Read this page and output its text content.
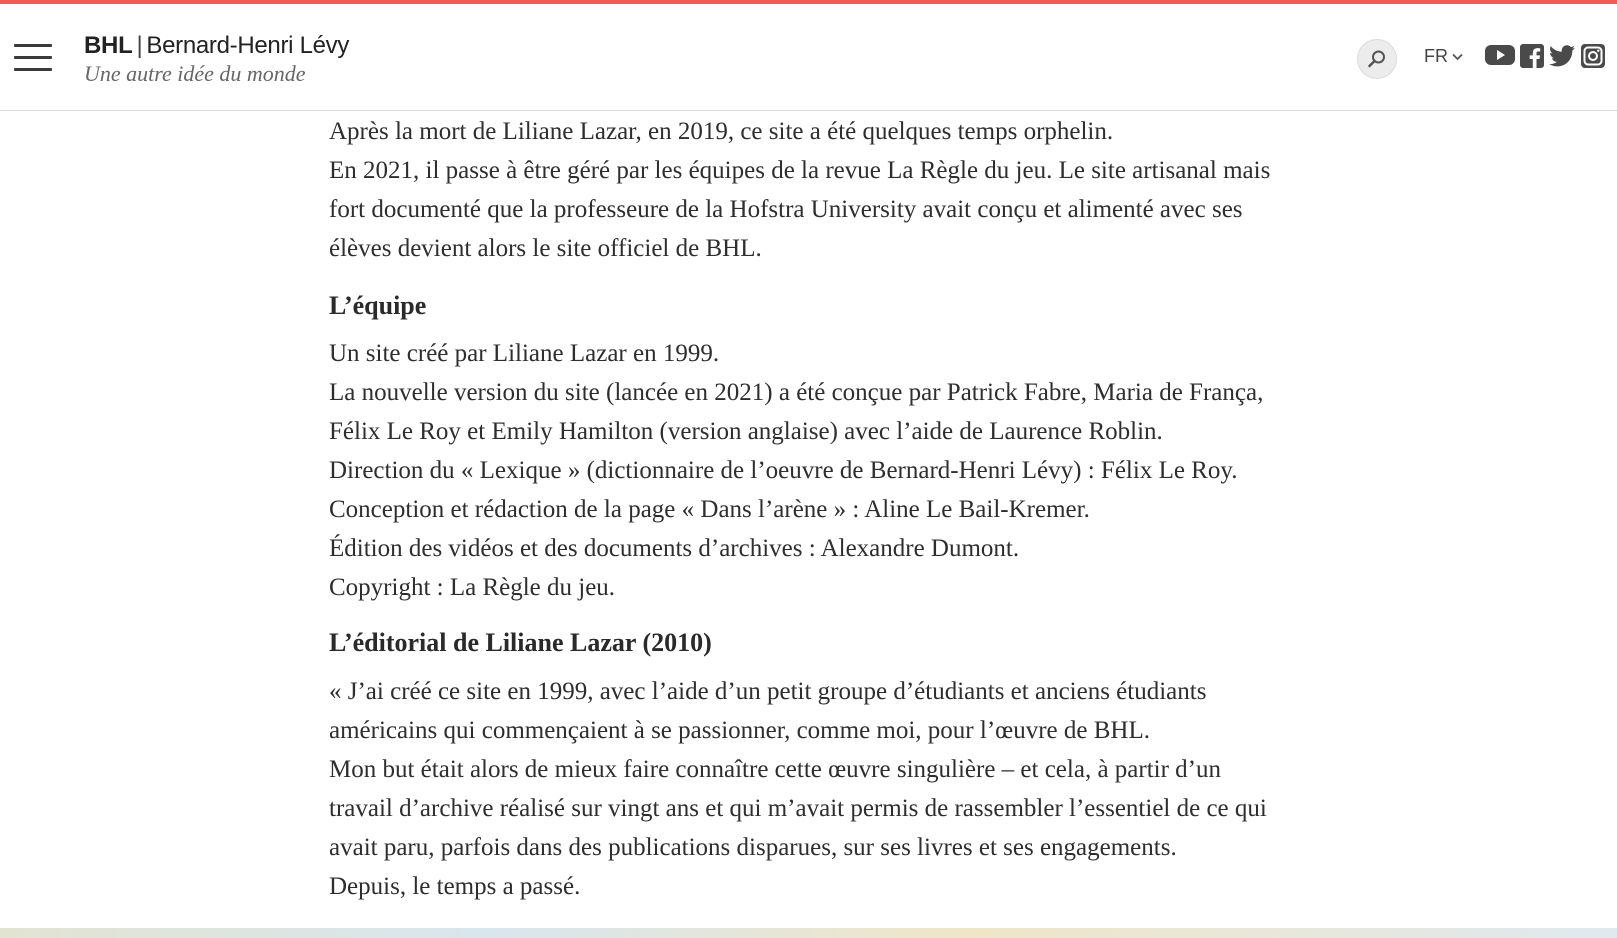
BHL | Bernard-Henri Lévy
Une autre idée du monde
FR

Après la mort de Liliane Lazar, en 2019, ce site a été quelques temps orphelin.

En 2021, il passe à être géré par les équipes de la revue La Règle du jeu. Le site artisanal mais fort documenté que la professeure de la Hofstra University avait conçu et alimenté avec ses élèves devient alors le site officiel de BHL.

L’équipe

Un site créé par Liliane Lazar en 1999.

La nouvelle version du site (lancée en 2021) a été conçue par Patrick Fabre, Maria de França, Félix Le Roy et Emily Hamilton (version anglaise) avec l’aide de Laurence Roblin.

Direction du « Lexique » (dictionnaire de l’oeuvre de Bernard-Henri Lévy) : Félix Le Roy.

Conception et rédaction de la page « Dans l’arène » : Aline Le Bail-Kremer.

Édition des vidéos et des documents d’archives : Alexandre Dumont.

Copyright : La Règle du jeu.

L’éditorial de Liliane Lazar (2010)

« J’ai créé ce site en 1999, avec l’aide d’un petit groupe d’étudiants et anciens étudiants américains qui commençaient à se passionner, comme moi, pour l’œuvre de BHL.

Mon but était alors de mieux faire connaître cette œuvre singulière – et cela, à partir d’un travail d’archive réalisé sur vingt ans et qui m’avait permis de rassembler l’essentiel de ce qui avait paru, parfois dans des publications disparues, sur ses livres et ses engagements.

Depuis, le temps a passé.
